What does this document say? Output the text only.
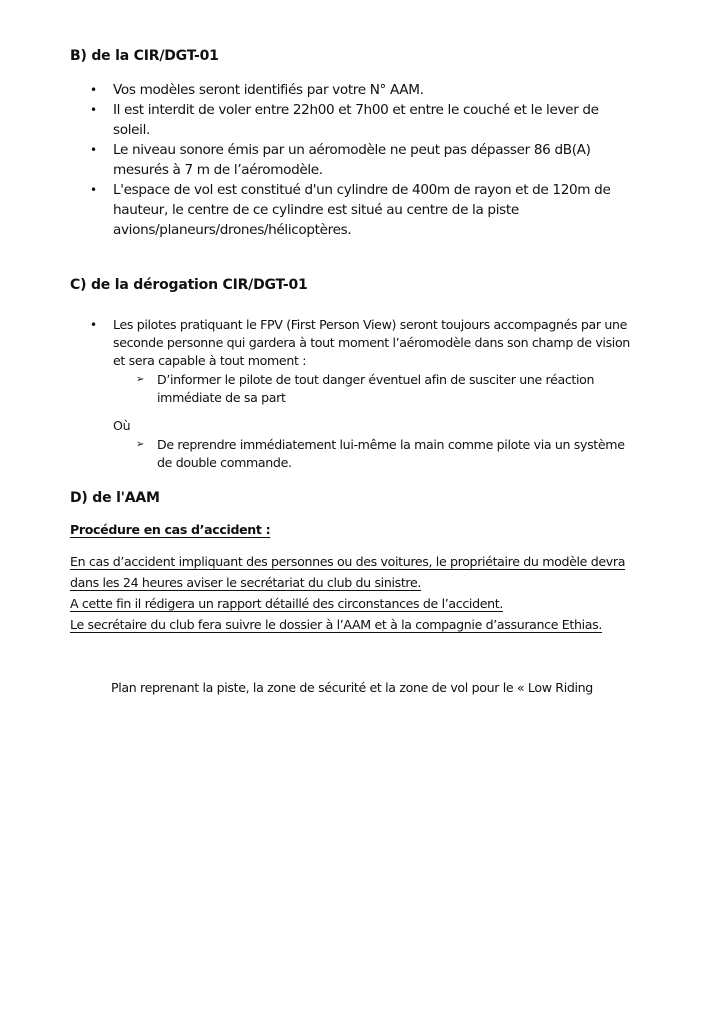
B) de la CIR/DGT-01
• Vos modèles seront identifiés par votre N° AAM.
• Il est interdit de voler entre 22h00 et 7h00 et entre le couché et le lever de
soleil.
• Le niveau sonore émis par un aéromodèle ne peut pas dépasser 86 dB(A)
mesurés à 7 m de l’aéromodèle.
• L'espace de vol est constitué d'un cylindre de 400m de rayon et de 120m de
hauteur, le centre de ce cylindre est situé au centre de la piste
avions/planeurs/drones/hélicoptères.
C) de la dérogation CIR/DGT-01
• Les pilotes pratiquant le FPV (First Person View) seront toujours accompagnés par une
seconde personne qui gardera à tout moment l’aéromodèle dans son champ de vision
et sera capable à tout moment :
➢ D’informer le pilote de tout danger éventuel afin de susciter une réaction
immédiate de sa part
Où
➢ De reprendre immédiatement lui-même la main comme pilote via un système
de double commande.
D) de l'AAM
Procédure en cas d’accident :
En cas d’accident impliquant des personnes ou des voitures, le propriétaire du modèle devra
dans les 24 heures aviser le secrétariat du club du sinistre.
A cette fin il rédigera un rapport détaillé des circonstances de l’accident.
Le secrétaire du club fera suivre le dossier à l’AAM et à la compagnie d’assurance Ethias.
Plan reprenant la piste, la zone de sécurité et la zone de vol pour le « Low Riding
